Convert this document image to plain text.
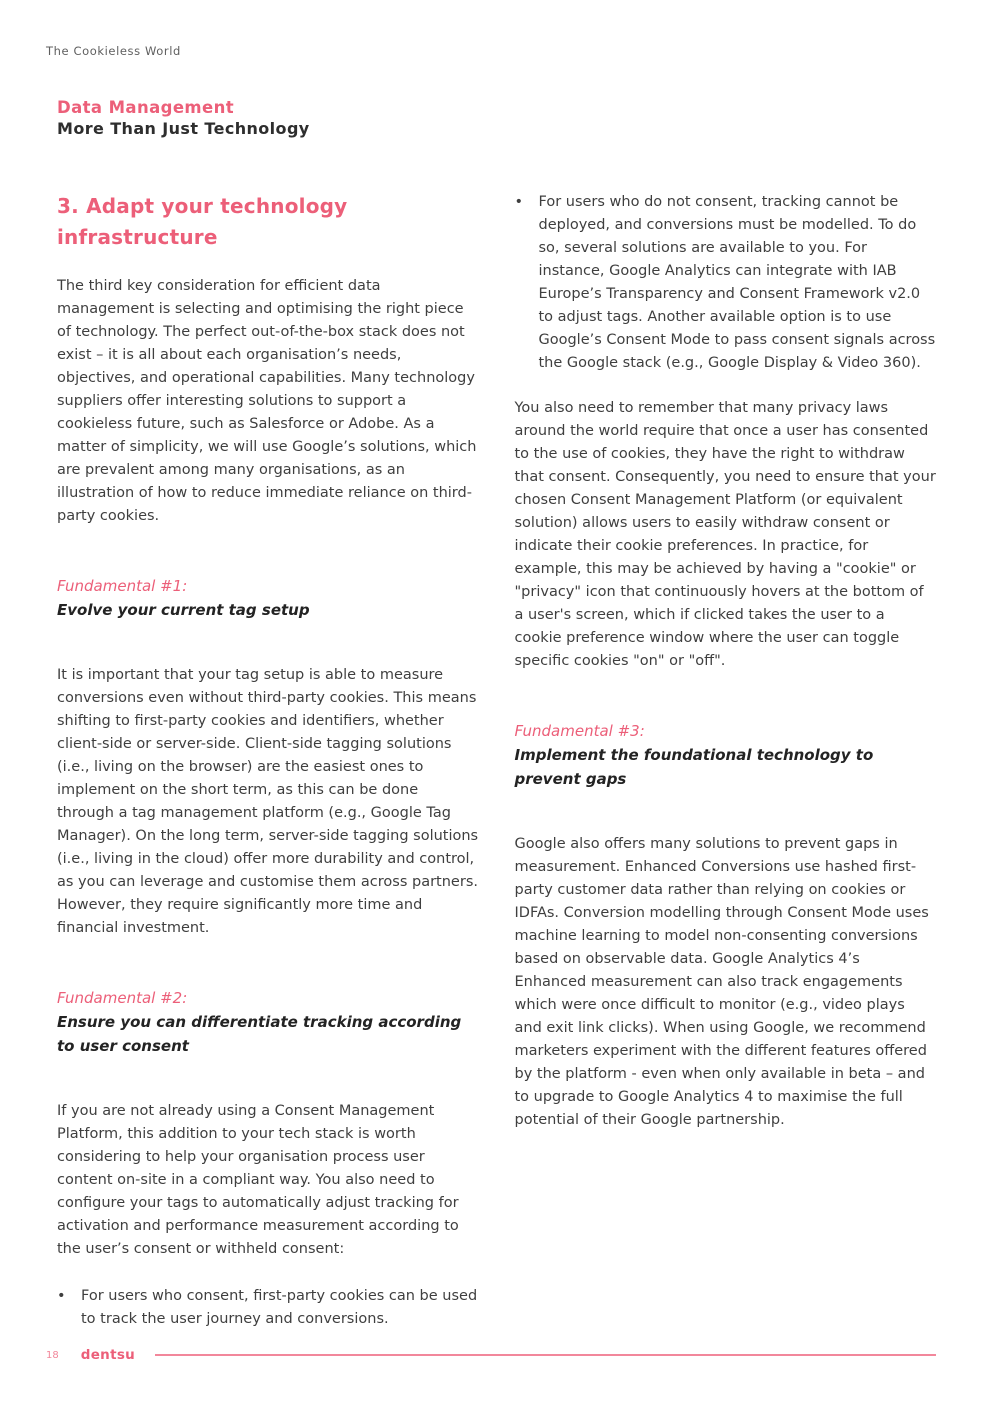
The Cookieless World
Data Management
More Than Just Technology
3. Adapt your technology infrastructure

The third key consideration for efficient data management is selecting and optimising the right piece of technology. The perfect out-of-the-box stack does not exist – it is all about each organisation’s needs, objectives, and operational capabilities. Many technology suppliers offer interesting solutions to support a cookieless future, such as Salesforce or Adobe. As a matter of simplicity, we will use Google’s solutions, which are prevalent among many organisations, as an illustration of how to reduce immediate reliance on third-party cookies.

Fundamental #1:
Evolve your current tag setup

It is important that your tag setup is able to measure conversions even without third-party cookies. This means shifting to first-party cookies and identifiers, whether client-side or server-side. Client-side tagging solutions (i.e., living on the browser) are the easiest ones to implement on the short term, as this can be done through a tag management platform (e.g., Google Tag Manager). On the long term, server-side tagging solutions (i.e., living in the cloud) offer more durability and control, as you can leverage and customise them across partners. However, they require significantly more time and financial investment.

Fundamental #2:
Ensure you can differentiate tracking according to user consent

If you are not already using a Consent Management Platform, this addition to your tech stack is worth considering to help your organisation process user content on-site in a compliant way. You also need to configure your tags to automatically adjust tracking for activation and performance measurement according to the user’s consent or withheld consent:

•
For users who consent, first-party cookies can be used to track the user journey and conversions.
•
For users who do not consent, tracking cannot be deployed, and conversions must be modelled. To do so, several solutions are available to you. For instance, Google Analytics can integrate with IAB Europe’s Transparency and Consent Framework v2.0 to adjust tags. Another available option is to use Google’s Consent Mode to pass consent signals across the Google stack (e.g., Google Display & Video 360).

You also need to remember that many privacy laws around the world require that once a user has consented to the use of cookies, they have the right to withdraw that consent. Consequently, you need to ensure that your chosen Consent Management Platform (or equivalent solution) allows users to easily withdraw consent or indicate their cookie preferences. In practice, for example, this may be achieved by having a "cookie" or "privacy" icon that continuously hovers at the bottom of a user's screen, which if clicked takes the user to a cookie preference window where the user can toggle specific cookies "on" or "off".

Fundamental #3:
Implement the foundational technology to prevent gaps

Google also offers many solutions to prevent gaps in measurement. Enhanced Conversions use hashed first-party customer data rather than relying on cookies or IDFAs. Conversion modelling through Consent Mode uses machine learning to model non-consenting conversions based on observable data. Google Analytics 4’s Enhanced measurement can also track engagements which were once difficult to monitor (e.g., video plays and exit link clicks). When using Google, we recommend marketers experiment with the different features offered by the platform - even when only available in beta – and to upgrade to Google Analytics 4 to maximise the full potential of their Google partnership.

18 dentsu
